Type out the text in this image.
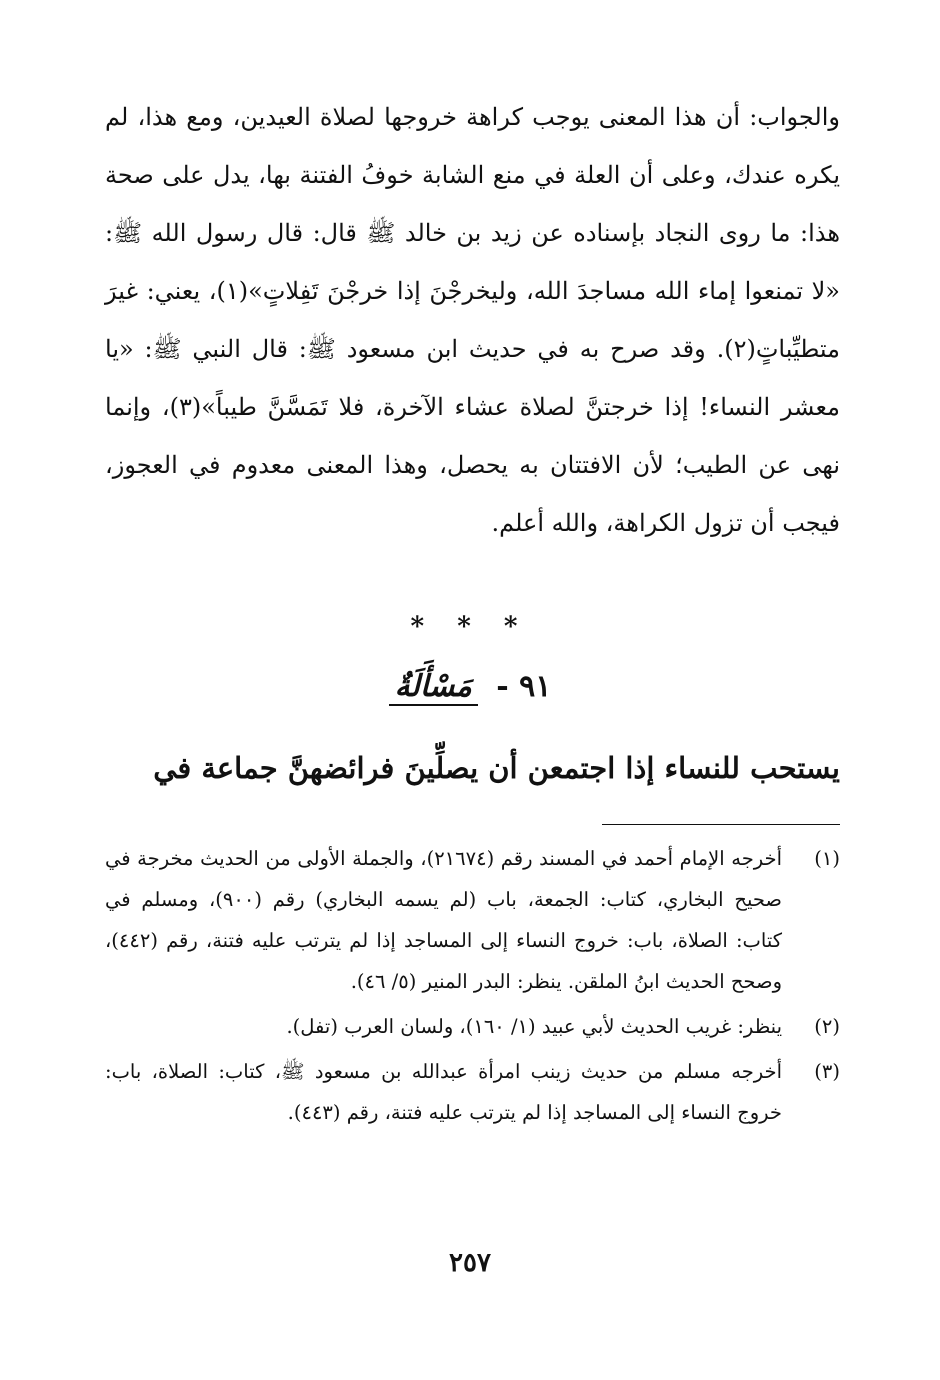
والجواب: أن هذا المعنى يوجب كراهة خروجها لصلاة العيدين، ومع هذا، لم يكره عندك، وعلى أن العلة في منع الشابة خوفُ الفتنة بها، يدل على صحة هذا: ما روى النجاد بإسناده عن زيد بن خالد ﷺ قال: قال رسول الله ﷺ: «لا تمنعوا إماء الله مساجدَ الله، وليخرجْنَ إذا خرجْنَ تَفِلاتٍ»(١)، يعني: غيرَ متطيِّباتٍ(٢). وقد صرح به في حديث ابن مسعود ﷺ: قال النبي ﷺ: «يا معشر النساء! إذا خرجتنَّ لصلاة عشاء الآخرة، فلا تَمَسَّنَّ طيباً»(٣)، وإنما نهى عن الطيب؛ لأن الافتتان به يحصل، وهذا المعنى معدوم في العجوز، فيجب أن تزول الكراهة، والله أعلم.

* * *
٩١ - مَسْأَلَةٌ
يستحب للنساء إذا اجتمعن أن يصلِّينَ فرائضهنَّ جماعة في
(١)
أخرجه الإمام أحمد في المسند رقم (٢١٦٧٤)، والجملة الأولى من الحديث مخرجة في صحيح البخاري، كتاب: الجمعة، باب (لم يسمه البخاري) رقم (٩٠٠)، ومسلم في كتاب: الصلاة، باب: خروج النساء إلى المساجد إذا لم يترتب عليه فتنة، رقم (٤٤٢)، وصحح الحديث ابنُ الملقن. ينظر: البدر المنير (٥/ ٤٦).
(٢)
ينظر: غريب الحديث لأبي عبيد (١/ ١٦٠)، ولسان العرب (تفل).
(٣)
أخرجه مسلم من حديث زينب امرأة عبدالله بن مسعود ﷺ، كتاب: الصلاة، باب: خروج النساء إلى المساجد إذا لم يترتب عليه فتنة، رقم (٤٤٣).
٢٥٧
